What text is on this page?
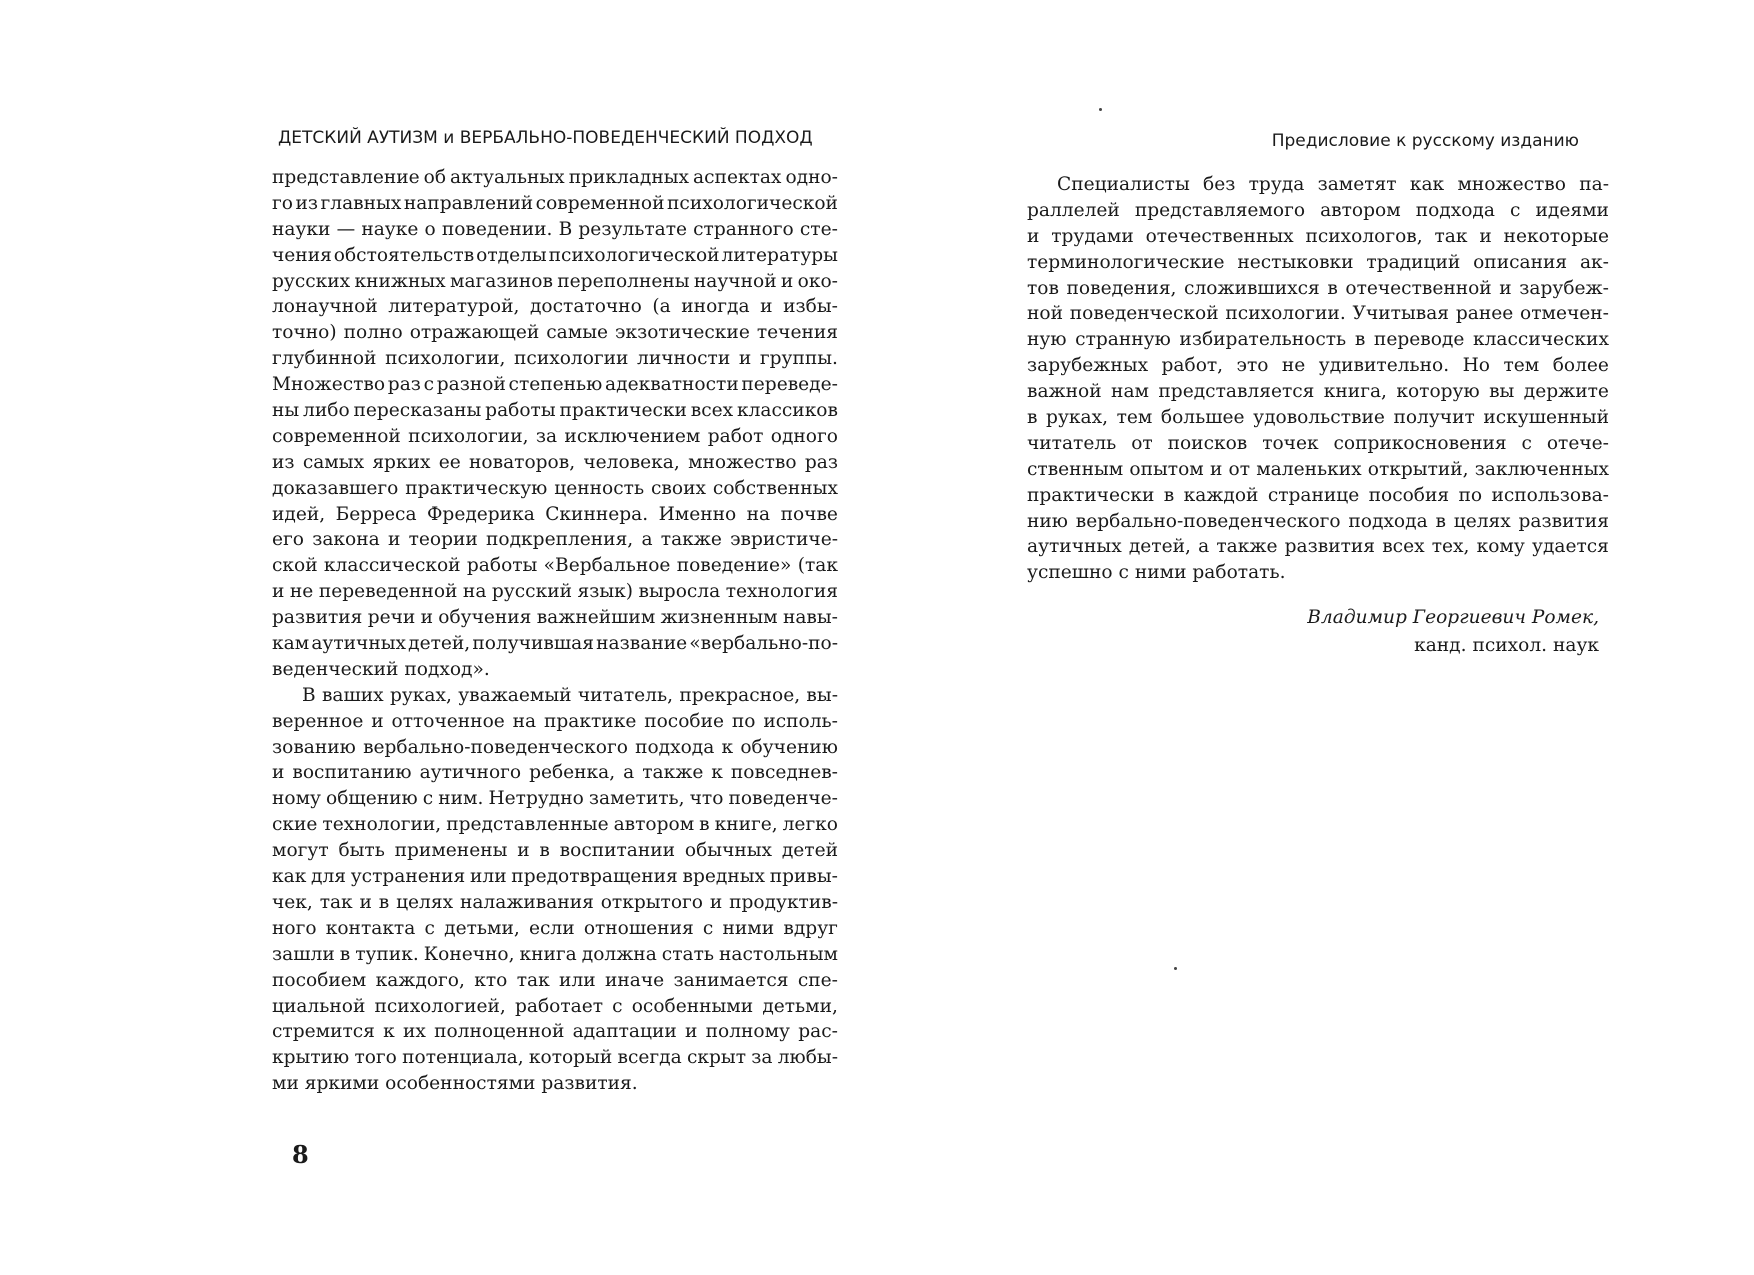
ДЕТСКИЙ АУТИЗМ и ВЕРБАЛЬНО-ПОВЕДЕНЧЕСКИЙ ПОДХОД
представление об актуальных прикладных аспектах одно-
го из главных направлений современной психологической
науки — науке о поведении. В результате странного сте-
чения обстоятельств отделы психологической литературы
русских книжных магазинов переполнены научной и око-
лонаучной литературой, достаточно (а иногда и избы-
точно) полно отражающей самые экзотические течения
глубинной психологии, психологии личности и группы.
Множество раз с разной степенью адекватности переведе-
ны либо пересказаны работы практически всех классиков
современной психологии, за исключением работ одного
из самых ярких ее новаторов, человека, множество раз
доказавшего практическую ценность своих собственных
идей, Берреса Фредерика Скиннера. Именно на почве
его закона и теории подкрепления, а также эвристиче-
ской классической работы «Вербальное поведение» (так
и не переведенной на русский язык) выросла технология
развития речи и обучения важнейшим жизненным навы-
кам аутичных детей, получившая название «вербально-по-
веденческий подход».
В ваших руках, уважаемый читатель, прекрасное, вы-
веренное и отточенное на практике пособие по исполь-
зованию вербально-поведенческого подхода к обучению
и воспитанию аутичного ребенка, а также к повседнев-
ному общению с ним. Нетрудно заметить, что поведенче-
ские технологии, представленные автором в книге, легко
могут быть применены и в воспитании обычных детей
как для устранения или предотвращения вредных привы-
чек, так и в целях налаживания открытого и продуктив-
ного контакта с детьми, если отношения с ними вдруг
зашли в тупик. Конечно, книга должна стать настольным
пособием каждого, кто так или иначе занимается спе-
циальной психологией, работает с особенными детьми,
стремится к их полноценной адаптации и полному рас-
крытию того потенциала, который всегда скрыт за любы-
ми яркими особенностями развития.
8
Предисловие к русскому изданию
Специалисты без труда заметят как множество па-
раллелей представляемого автором подхода с идеями
и трудами отечественных психологов, так и некоторые
терминологические нестыковки традиций описания ак-
тов поведения, сложившихся в отечественной и зарубеж-
ной поведенческой психологии. Учитывая ранее отмечен-
ную странную избирательность в переводе классических
зарубежных работ, это не удивительно. Но тем более
важной нам представляется книга, которую вы держите
в руках, тем большее удовольствие получит искушенный
читатель от поисков точек соприкосновения с отече-
ственным опытом и от маленьких открытий, заключенных
практически в каждой странице пособия по использова-
нию вербально-поведенческого подхода в целях развития
аутичных детей, а также развития всех тех, кому удается
успешно с ними работать.
Владимир Георгиевич Ромек,
канд. психол. наук
